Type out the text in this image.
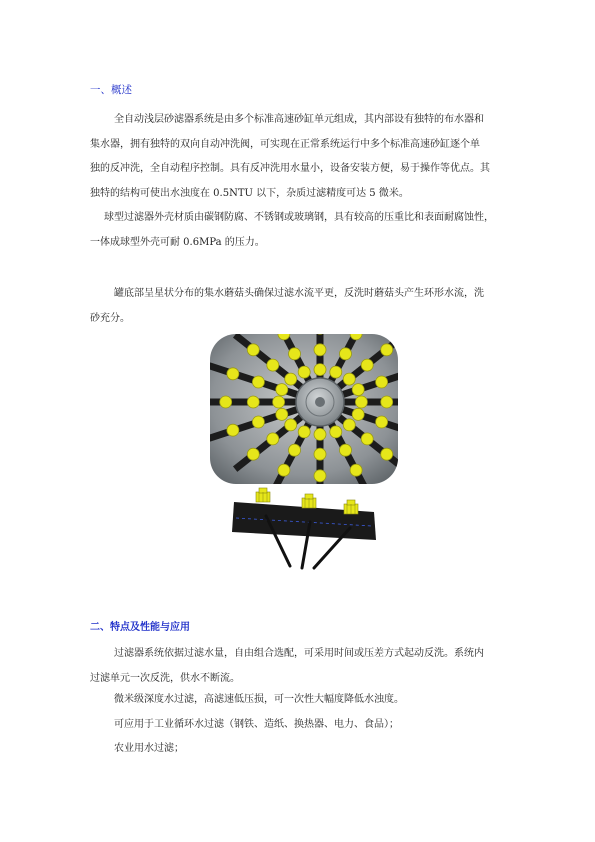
一、概述
全自动浅层砂滤器系统是由多个标准高速砂缸单元组成，其内部设有独特的布水器和
集水器，拥有独特的双向自动冲洗阀，可实现在正常系统运行中多个标准高速砂缸逐个单
独的反冲洗，全自动程序控制。具有反冲洗用水量小，设备安装方便，易于操作等优点。其
独特的结构可使出水浊度在 0.5NTU 以下，杂质过滤精度可达 5 微米。
球型过滤器外壳材质由碳钢防腐、不锈钢或玻璃钢，具有较高的压重比和表面耐腐蚀性，
一体成球型外壳可耐 0.6MPa 的压力。
罐底部呈星状分布的集水蘑菇头确保过滤水流平更，反洗时蘑菇头产生环形水流，洗
砂充分。
二、特点及性能与应用
过滤器系统依据过滤水量，自由组合选配，可采用时间或压差方式起动反洗。系统内
过滤单元一次反洗，供水不断流。
微米级深度水过滤，高滤速低压损，可一次性大幅度降低水浊度。
可应用于工业循环水过滤（钢铁、造纸、换热器、电力、食品）；
农业用水过滤；
